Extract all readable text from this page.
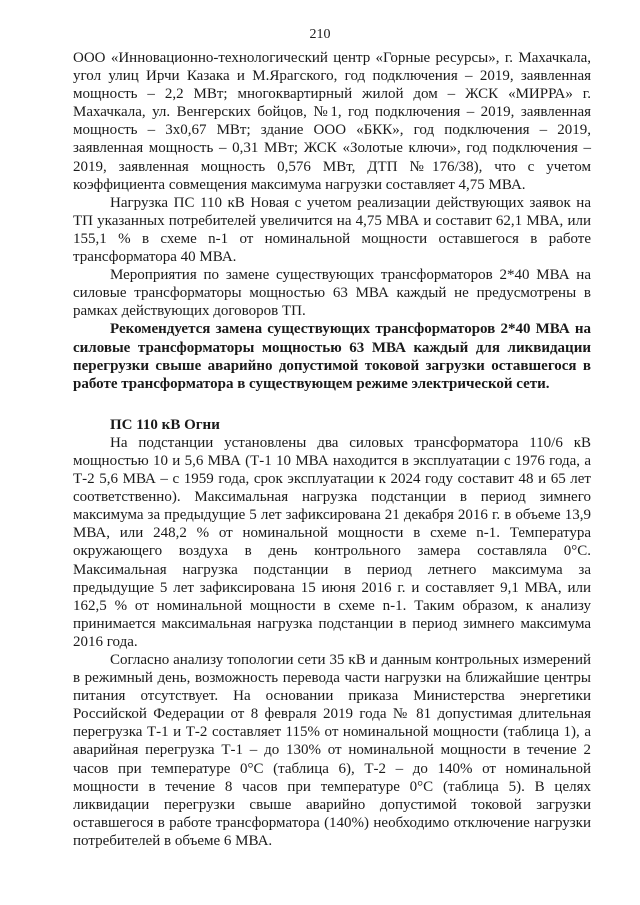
210

ООО «Инновационно-технологический центр «Горные ресурсы», г. Махачкала, угол улиц Ирчи Казака и М.Ярагского, год подключения – 2019, заявленная мощность – 2,2 МВт; многоквартирный жилой дом – ЖСК «МИРРА» г. Махачкала, ул. Венгерских бойцов, №1, год подключения – 2019, заявленная мощность – 3х0,67 МВт; здание ООО «БКК», год подключения – 2019, заявленная мощность – 0,31 МВт; ЖСК «Золотые ключи», год подключения – 2019, заявленная мощность 0,576 МВт, ДТП №176/38), что с учетом коэффициента совмещения максимума нагрузки составляет 4,75 МВА.

Нагрузка ПС 110 кВ Новая с учетом реализации действующих заявок на ТП указанных потребителей увеличится на 4,75 МВА и составит 62,1 МВА, или 155,1 % в схеме n-1 от номинальной мощности оставшегося в работе трансформатора 40 МВА.

Мероприятия по замене существующих трансформаторов 2*40 МВА на силовые трансформаторы мощностью 63 МВА каждый не предусмотрены в рамках действующих договоров ТП.

Рекомендуется замена существующих трансформаторов 2*40 МВА на силовые трансформаторы мощностью 63 МВА каждый для ликвидации перегрузки свыше аварийно допустимой токовой загрузки оставшегося в работе трансформатора в существующем режиме электрической сети.

ПС 110 кВ Огни

На подстанции установлены два силовых трансформатора 110/6 кВ мощностью 10 и 5,6 МВА (Т-1 10 МВА находится в эксплуатации с 1976 года, а Т-2 5,6 МВА – с 1959 года, срок эксплуатации к 2024 году составит 48 и 65 лет соответственно). Максимальная нагрузка подстанции в период зимнего максимума за предыдущие 5 лет зафиксирована 21 декабря 2016 г. в объеме 13,9 МВА, или 248,2 % от номинальной мощности в схеме n-1. Температура окружающего воздуха в день контрольного замера составляла 0°С. Максимальная нагрузка подстанции в период летнего максимума за предыдущие 5 лет зафиксирована 15 июня 2016 г. и составляет 9,1 МВА, или 162,5 % от номинальной мощности в схеме n-1. Таким образом, к анализу принимается максимальная нагрузка подстанции в период зимнего максимума 2016 года.

Согласно анализу топологии сети 35 кВ и данным контрольных измерений в режимный день, возможность перевода части нагрузки на ближайшие центры питания отсутствует. На основании приказа Министерства энергетики Российской Федерации от 8 февраля 2019 года № 81 допустимая длительная перегрузка Т-1 и Т-2 составляет 115% от номинальной мощности (таблица 1), а аварийная перегрузка Т-1 – до 130% от номинальной мощности в течение 2 часов при температуре 0°С (таблица 6), Т-2 – до 140% от номинальной мощности в течение 8 часов при температуре 0°С (таблица 5). В целях ликвидации перегрузки свыше аварийно допустимой токовой загрузки оставшегося в работе трансформатора (140%) необходимо отключение нагрузки потребителей в объеме 6 МВА.
